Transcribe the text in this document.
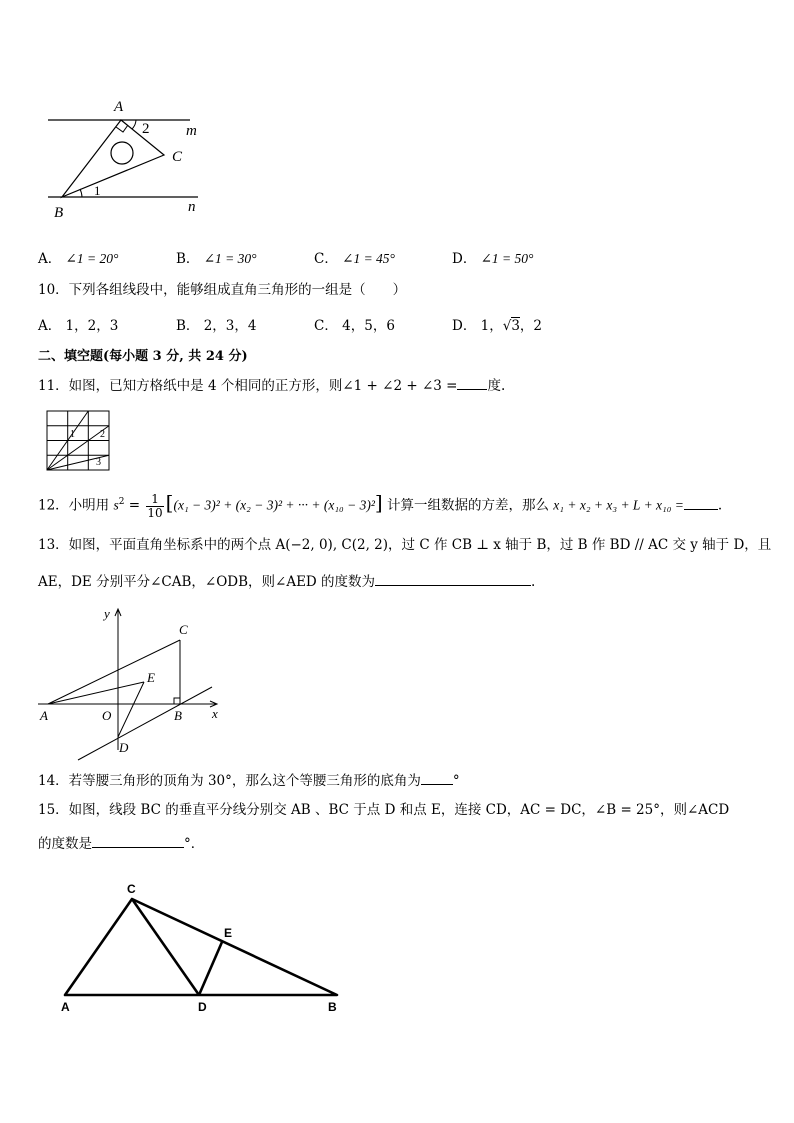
A
2 m
C
1
B	n
A． ∠1 = 20°	B． ∠1 = 30°	C． ∠1 = 45°	D． ∠1 = 50°
10．下列各组线段中，能够组成直角三角形的一组是（　　）
A． 1，2，3	B． 2，3，4	C． 4，5，6	D． 1，√3，2
二、填空题(每小题 3 分, 共 24 分)
11．如图，已知方格纸中是 4 个相同的正方形，则∠1 + ∠2 + ∠3 = 度.
1	2
3
12．小明用 $s^2 = \frac{1}{10} [(x_1 - 3)^2 + (x_2 - 3)^2$ + ··· + (x₁₀ − 3)²] 计算一组数据的方差，那么 x₁ + x₂ + x₃ + L + x₁₀ =	.
13．如图，平面直角坐标系中的两个点 A(−2, 0), C(2, 2)，过 C 作 CB ⊥ x 轴于 B，过 B 作 BD // AC 交 y 轴于 D，且
AE，DE 分别平分∠CAB，∠ODB，则∠AED 的度数为	.
y
C
E
A	O	B x
D
14．若等腰三角形的顶角为 30°，那么这个等腰三角形的底角为 °
15．如图，线段 BC 的垂直平分线分别交 AB 、BC 于点 D 和点 E，连接 CD，AC = DC，∠B = 25°，则∠ACD
的度数是	°．
C
E
A	D	B
